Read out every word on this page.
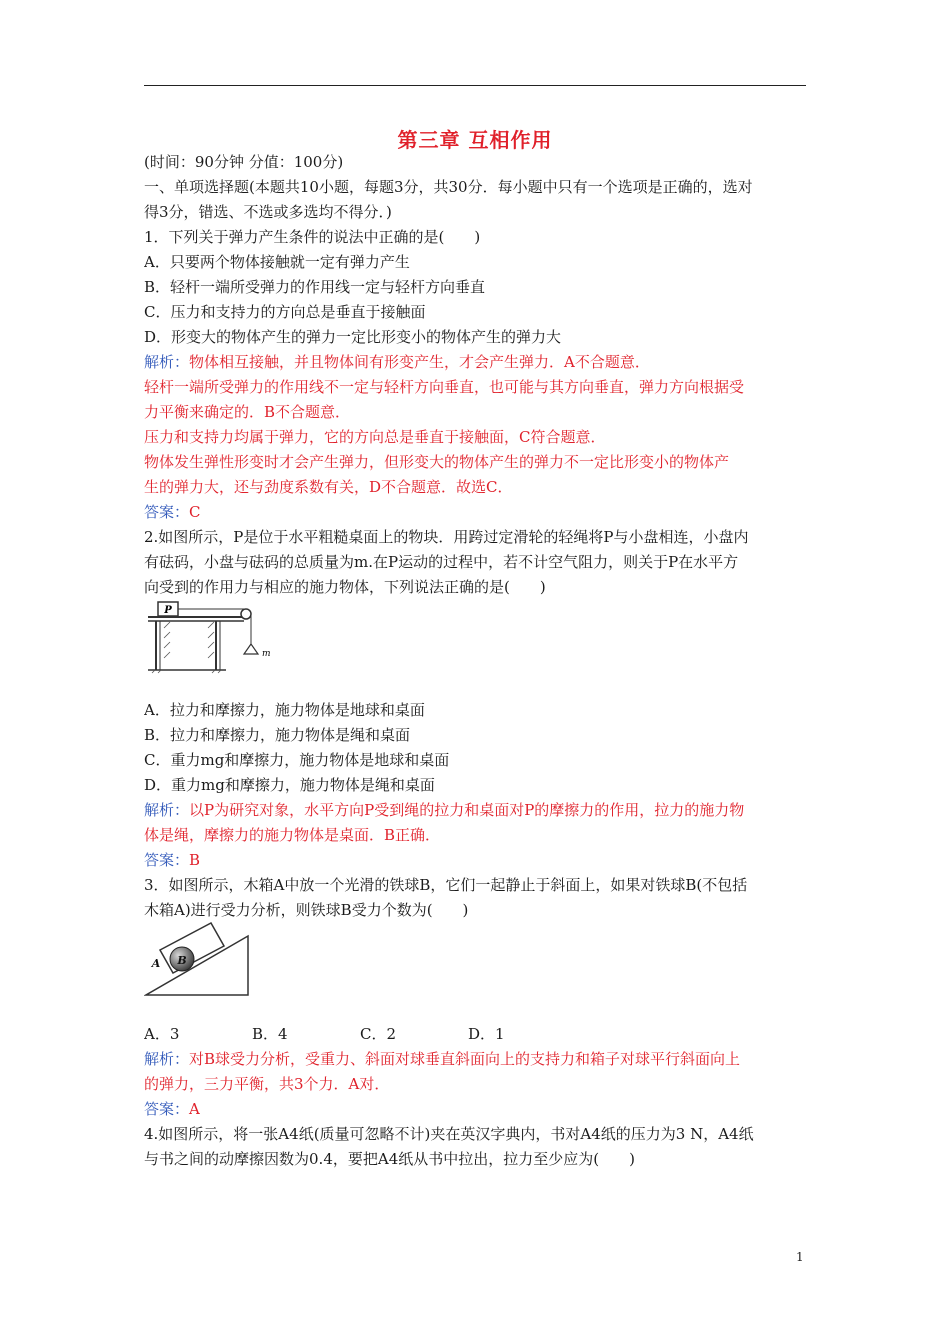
第三章 互相作用
(时间：90分钟 分值：100分)
一、单项选择题(本题共10小题，每题3分，共30分．每小题中只有一个选项是正确的，选对
得3分，错选、不选或多选均不得分．)
1．下列关于弹力产生条件的说法中正确的是(　　)
A．只要两个物体接触就一定有弹力产生
B．轻杆一端所受弹力的作用线一定与轻杆方向垂直
C．压力和支持力的方向总是垂直于接触面
D．形变大的物体产生的弹力一定比形变小的物体产生的弹力大
解析：物体相互接触，并且物体间有形变产生，才会产生弹力．A不合题意．
轻杆一端所受弹力的作用线不一定与轻杆方向垂直，也可能与其方向垂直，弹力方向根据受
力平衡来确定的．B不合题意．
压力和支持力均属于弹力，它的方向总是垂直于接触面，C符合题意．
物体发生弹性形变时才会产生弹力，但形变大的物体产生的弹力不一定比形变小的物体产
生的弹力大，还与劲度系数有关，D不合题意．故选C．
答案：C
2.如图所示，P是位于水平粗糙桌面上的物块．用跨过定滑轮的轻绳将P与小盘相连，小盘内
有砝码，小盘与砝码的总质量为m.在P运动的过程中，若不计空气阻力，则关于P在水平方
向受到的作用力与相应的施力物体，下列说法正确的是(　　)
P
m
A．拉力和摩擦力，施力物体是地球和桌面
B．拉力和摩擦力，施力物体是绳和桌面
C．重力mg和摩擦力，施力物体是地球和桌面
D．重力mg和摩擦力，施力物体是绳和桌面
解析：以P为研究对象，水平方向P受到绳的拉力和桌面对P的摩擦力的作用，拉力的施力物
体是绳，摩擦力的施力物体是桌面．B正确．
答案：B
3．如图所示，木箱A中放一个光滑的铁球B，它们一起静止于斜面上，如果对铁球B(不包括
木箱A)进行受力分析，则铁球B受力个数为(　　)
B
A
A．3	B．4	C．2	D．1
解析：对B球受力分析，受重力、斜面对球垂直斜面向上的支持力和箱子对球平行斜面向上
的弹力，三力平衡，共3个力．A对．
答案：A
4.如图所示，将一张A4纸(质量可忽略不计)夹在英汉字典内，书对A4纸的压力为3 N，A4纸
与书之间的动摩擦因数为0.4，要把A4纸从书中拉出，拉力至少应为(　　)
1
